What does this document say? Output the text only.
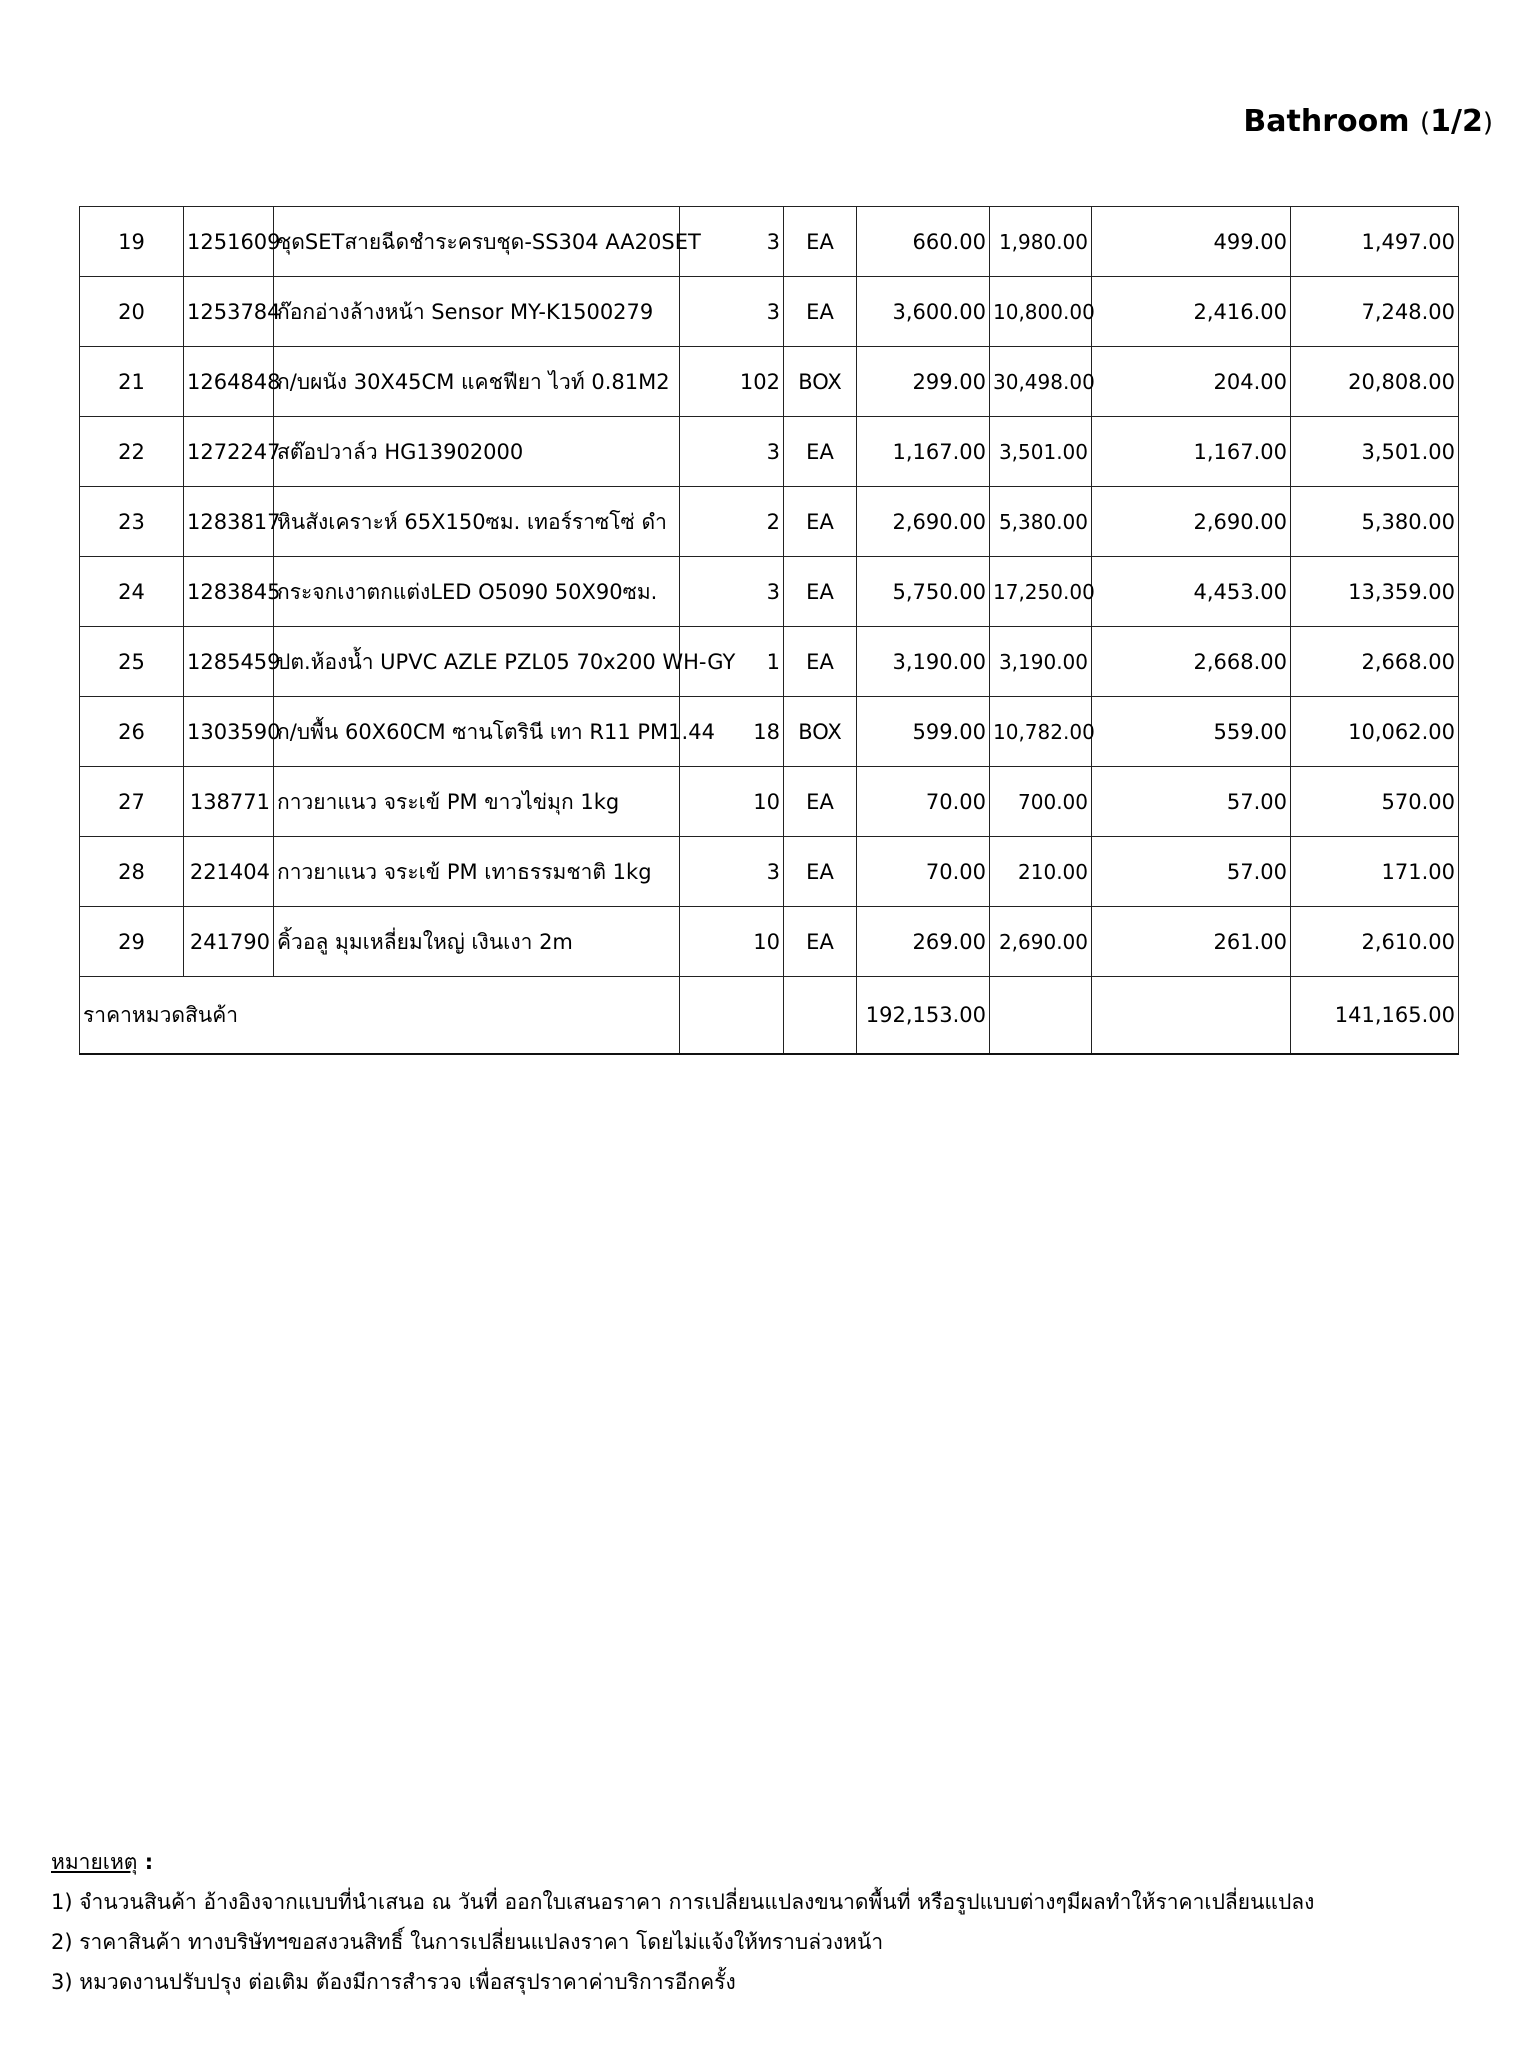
Bathroom (1/2)
19	1251609	ชุดSETสายฉีดชำระครบชุด-SS304 AA20SET	3	EA	660.00	1,980.00	499.00	1,497.00
20	1253784	ก๊อกอ่างล้างหน้า Sensor MY-K1500279	3	EA	3,600.00	10,800.00	2,416.00	7,248.00
21	1264848	ก/บผนัง 30X45CM แคชฟียา ไวท์ 0.81M2	102	BOX	299.00	30,498.00	204.00	20,808.00
22	1272247	สต๊อปวาล์ว HG13902000	3	EA	1,167.00	3,501.00	1,167.00	3,501.00
23	1283817	หินสังเคราะห์ 65X150ซม. เทอร์ราซโซ่ ดำ	2	EA	2,690.00	5,380.00	2,690.00	5,380.00
24	1283845	กระจกเงาตกแต่งLED O5090 50X90ซม.	3	EA	5,750.00	17,250.00	4,453.00	13,359.00
25	1285459	ปต.ห้องน้ำ UPVC AZLE PZL05 70x200 WH-GY	1	EA	3,190.00	3,190.00	2,668.00	2,668.00
26	1303590	ก/บพื้น 60X60CM ซานโตรินี เทา R11 PM1.44	18	BOX	599.00	10,782.00	559.00	10,062.00
27	138771	กาวยาแนว จระเข้ PM ขาวไข่มุก 1kg	10	EA	70.00	700.00	57.00	570.00
28	221404	กาวยาแนว จระเข้ PM เทาธรรมชาติ 1kg	3	EA	70.00	210.00	57.00	171.00
29	241790	คิ้วอลู มุมเหลี่ยมใหญ่ เงินเงา 2m	10	EA	269.00	2,690.00	261.00	2,610.00
ราคาหมวดสินค้า					192,153.00			141,165.00
หมายเหตุ :
1) จำนวนสินค้า อ้างอิงจากแบบที่นำเสนอ ณ วันที่ ออกใบเสนอราคา การเปลี่ยนแปลงขนาดพื้นที่ หรือรูปแบบต่างๆมีผลทำให้ราคาเปลี่ยนแปลง
2) ราคาสินค้า ทางบริษัทฯขอสงวนสิทธิ์ ในการเปลี่ยนแปลงราคา โดยไม่แจ้งให้ทราบล่วงหน้า
3) หมวดงานปรับปรุง ต่อเติม ต้องมีการสำรวจ เพื่อสรุปราคาค่าบริการอีกครั้ง
